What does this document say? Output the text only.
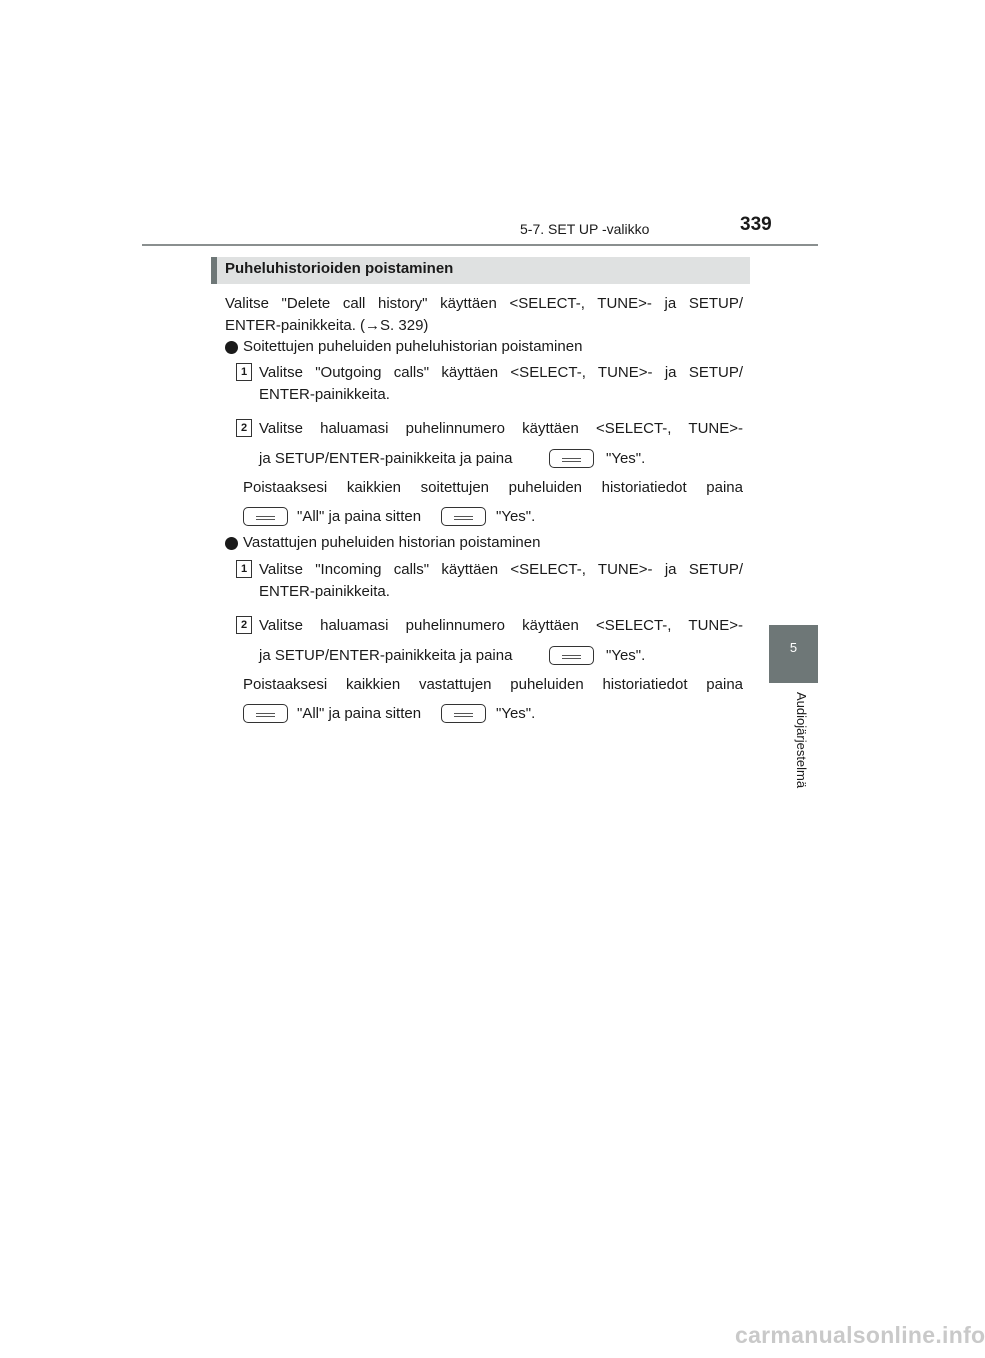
5-7. SET UP -valikko	339
5
Audiojärjestelmä
Puheluhistorioiden poistaminen
Valitse "Delete call history" käyttäen <SELECT-, TUNE>- ja SETUP/
ENTER-painikkeita. (→S. 329)
Soitettujen puheluiden puheluhistorian poistaminen
1 Valitse "Outgoing calls" käyttäen <SELECT-, TUNE>- ja SETUP/
ENTER-painikkeita.
2 Valitse haluamasi puhelinnumero käyttäen <SELECT-, TUNE>-
ja SETUP/ENTER-painikkeita ja paina	"Yes".
Poistaaksesi kaikkien soitettujen puheluiden historiatiedot paina
"All" ja paina sitten	"Yes".
Vastattujen puheluiden historian poistaminen
1 Valitse "Incoming calls" käyttäen <SELECT-, TUNE>- ja SETUP/
ENTER-painikkeita.
2 Valitse haluamasi puhelinnumero käyttäen <SELECT-, TUNE>-
ja SETUP/ENTER-painikkeita ja paina	"Yes".
Poistaaksesi kaikkien vastattujen puheluiden historiatiedot paina
"All" ja paina sitten	"Yes".
carmanualsonline.info
